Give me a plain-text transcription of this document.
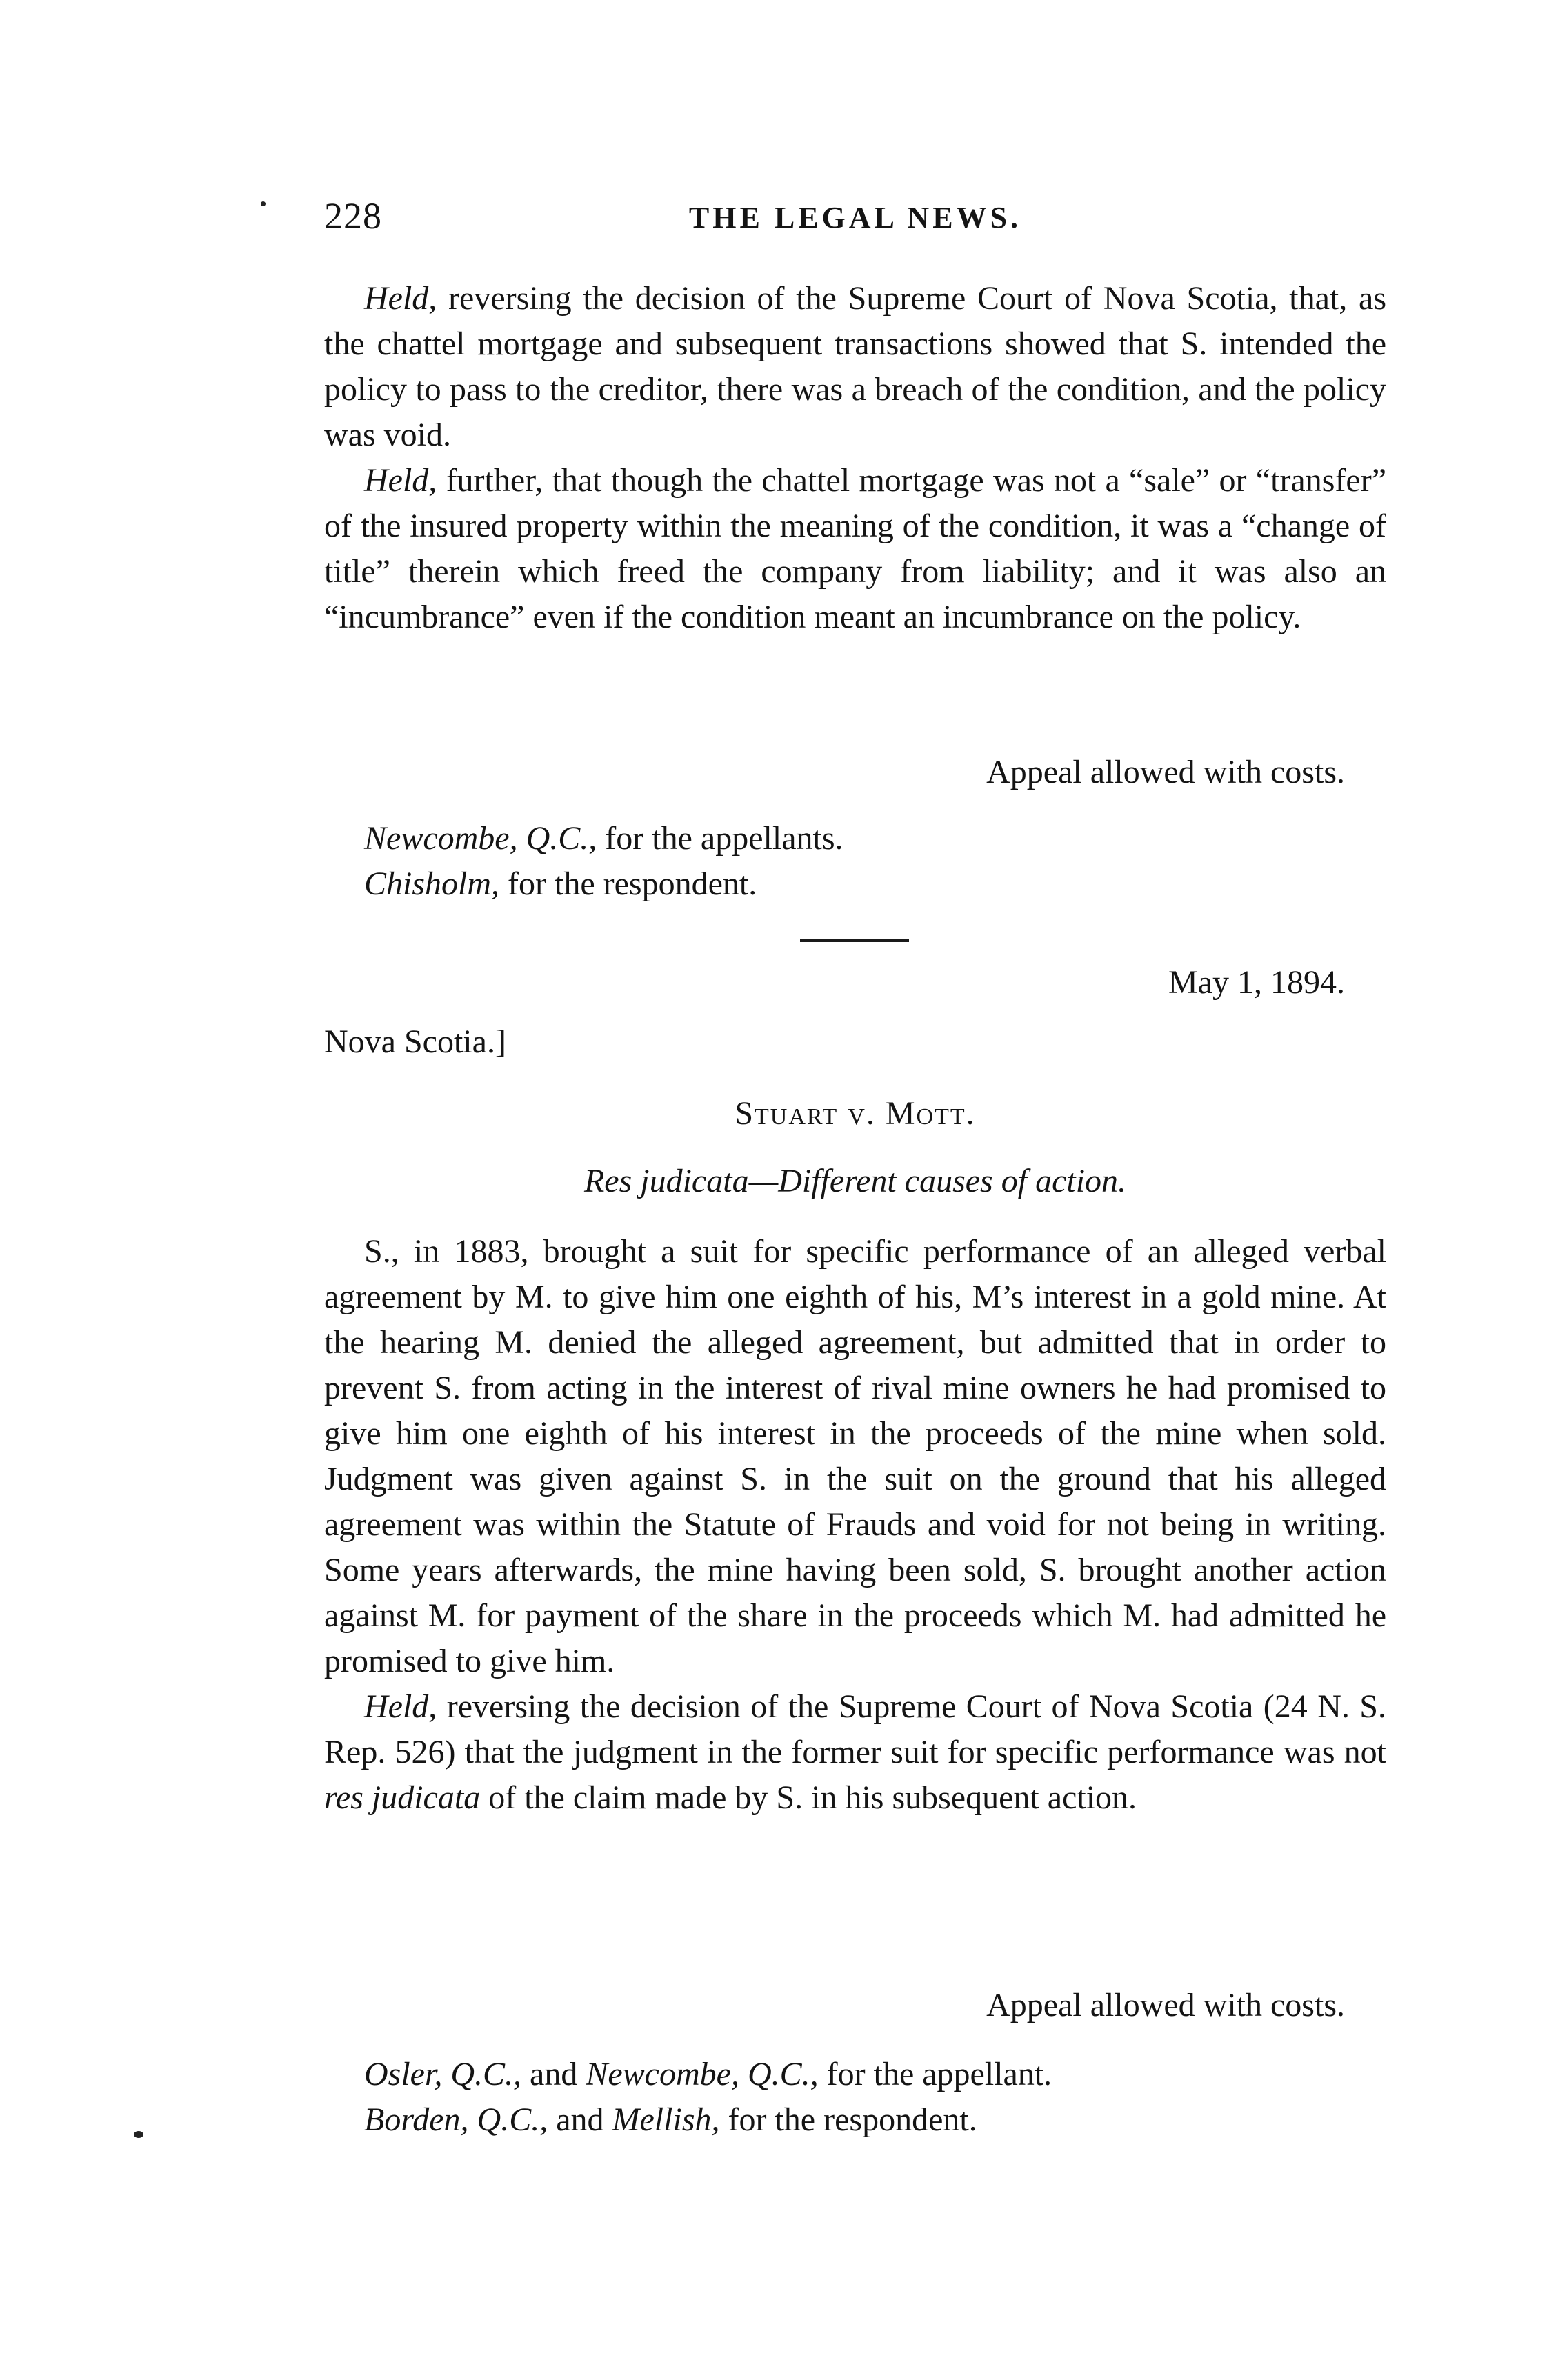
228	THE LEGAL NEWS.

Held, reversing the decision of the Supreme Court of Nova Scotia, that, as the chattel mortgage and subsequent transactions showed that S. intended the policy to pass to the creditor, there was a breach of the condition, and the policy was void.

Held, further, that though the chattel mortgage was not a “sale” or “transfer” of the insured property within the meaning of the condition, it was a “change of title” therein which freed the company from liability; and it was also an “incumbrance” even if the condition meant an incumbrance on the policy.

Appeal allowed with costs.

Newcombe, Q.C., for the appellants.

Chisholm, for the respondent.

May 1, 1894.
Nova Scotia.]
Stuart v. Mott.
Res judicata—Different causes of action.

S., in 1883, brought a suit for specific performance of an alleged verbal agreement by M. to give him one eighth of his, M’s interest in a gold mine. At the hearing M. denied the alleged agreement, but admitted that in order to prevent S. from acting in the interest of rival mine owners he had promised to give him one eighth of his interest in the proceeds of the mine when sold. Judgment was given against S. in the suit on the ground that his alleged agreement was within the Statute of Frauds and void for not being in writing. Some years afterwards, the mine having been sold, S. brought another action against M. for payment of the share in the proceeds which M. had admitted he promised to give him.

Held, reversing the decision of the Supreme Court of Nova Scotia (24 N. S. Rep. 526) that the judgment in the former suit for specific performance was not res judicata of the claim made by S. in his subsequent action.

Appeal allowed with costs.

Osler, Q.C., and Newcombe, Q.C., for the appellant.

Borden, Q.C., and Mellish, for the respondent.
